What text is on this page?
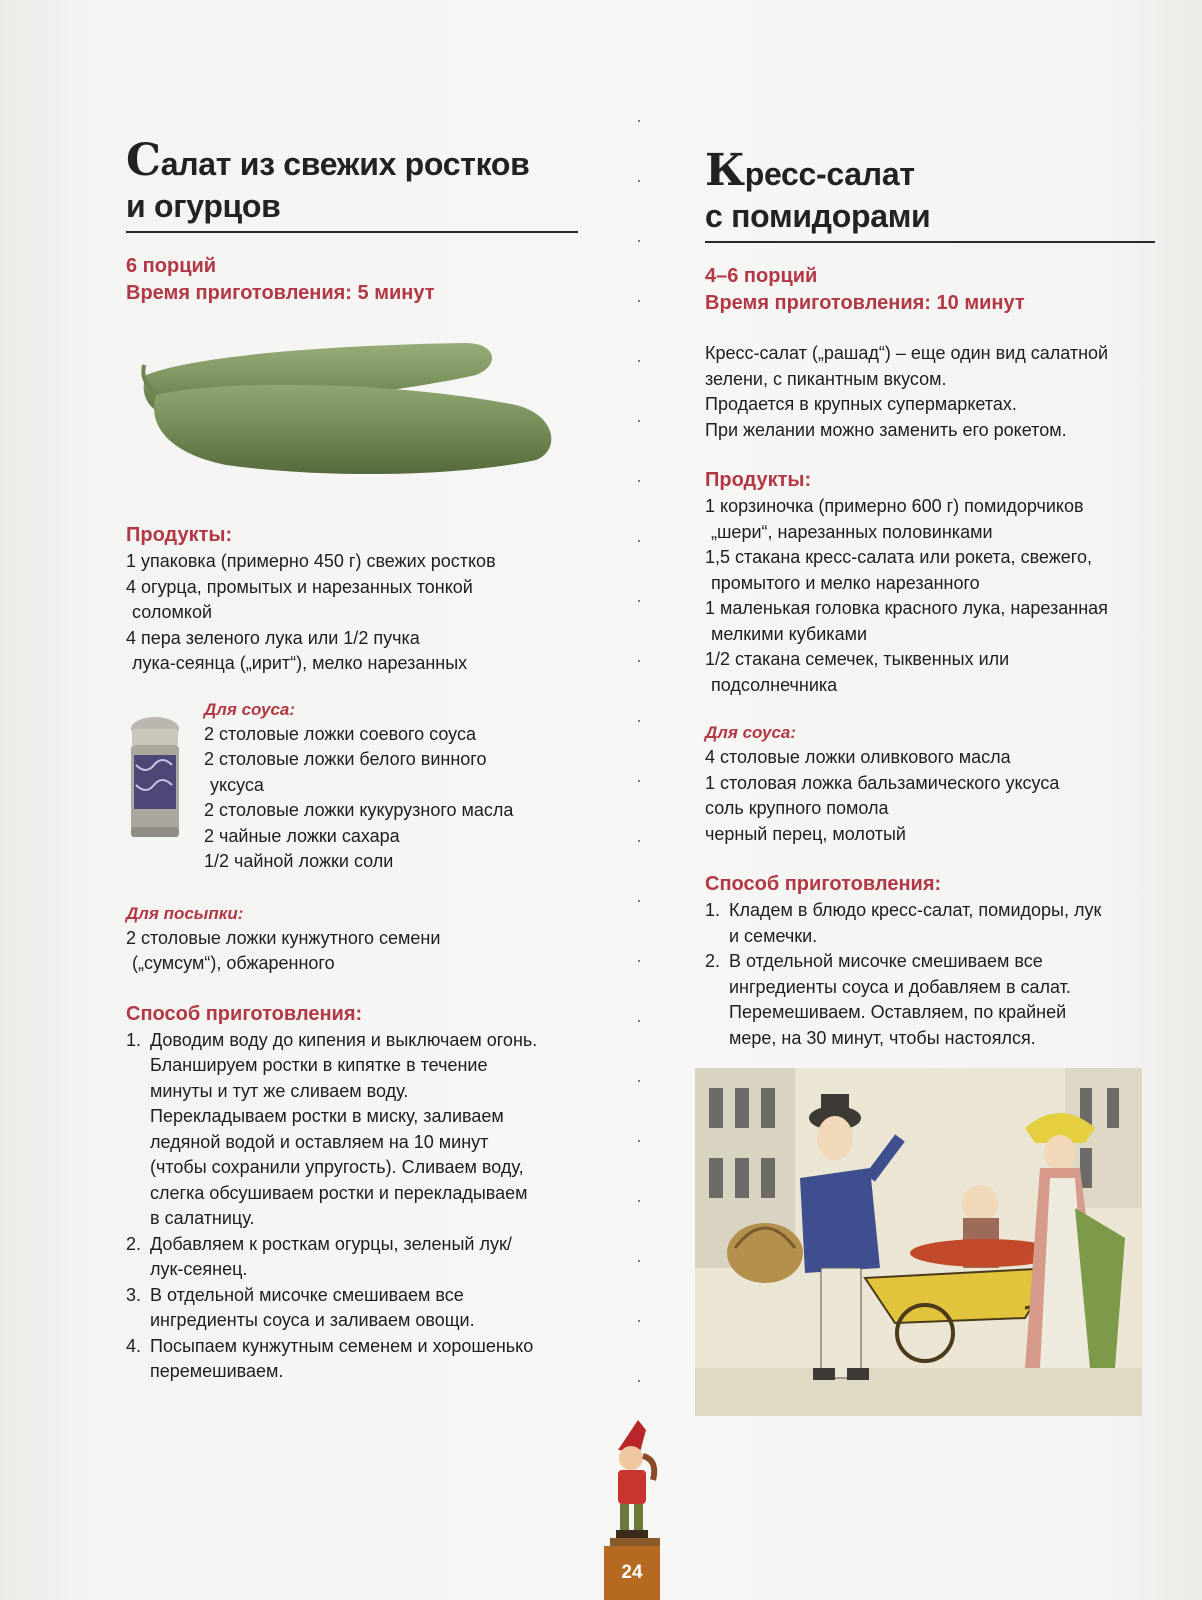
Салат из свежих ростков
и огурцов
6 порций
Время приготовления: 5 минут
Продукты:
1 упаковка (примерно 450 г) свежих ростков
4 огурца, промытых и нарезанных тонкой
соломкой
4 пера зеленого лука или 1/2 пучка
лука-сеянца („ирит“), мелко нарезанных
Для соуса:
2 столовые ложки соевого соуса
2 столовые ложки белого винного
уксуса
2 столовые ложки кукурузного масла
2 чайные ложки сахара
1/2 чайной ложки соли
Для посыпки:
2 столовые ложки кунжутного семени
(„сумсум“), обжаренного
Способ приготовления:
1. Доводим воду до кипения и выключаем огонь.
Бланшируем ростки в кипятке в течение
минуты и тут же сливаем воду.
Перекладываем ростки в миску, заливаем
ледяной водой и оставляем на 10 минут
(чтобы сохранили упругость). Сливаем воду,
слегка обсушиваем ростки и перекладываем
в салатницу.
2. Добавляем к росткам огурцы, зеленый лук/
лук-сеянец.
3. В отдельной мисочке смешиваем все
ингредиенты соуса и заливаем овощи.
4. Посыпаем кунжутным семенем и хорошенько
перемешиваем.
Кресс-салат
с помидорами
4–6 порций
Время приготовления: 10 минут
Кресс-салат („рашад“) – еще один вид салатной
зелени, с пикантным вкусом.
Продается в крупных супермаркетах.
При желании можно заменить его рокетом.
Продукты:
1 корзиночка (примерно 600 г) помидорчиков
„шери“, нарезанных половинками
1,5 стакана кресс-салата или рокета, свежего,
промытого и мелко нарезанного
1 маленькая головка красного лука, нарезанная
мелкими кубиками
1/2 стакана семечек, тыквенных или
подсолнечника
Для соуса:
4 столовые ложки оливкового масла
1 столовая ложка бальзамического уксуса
соль крупного помола
черный перец, молотый
Способ приготовления:
1. Кладем в блюдо кресс-салат, помидоры, лук
и семечки.
2. В отдельной мисочке смешиваем все
ингредиенты соуса и добавляем в салат.
Перемешиваем. Оставляем, по крайней
мере, на 30 минут, чтобы настоялся.
24
